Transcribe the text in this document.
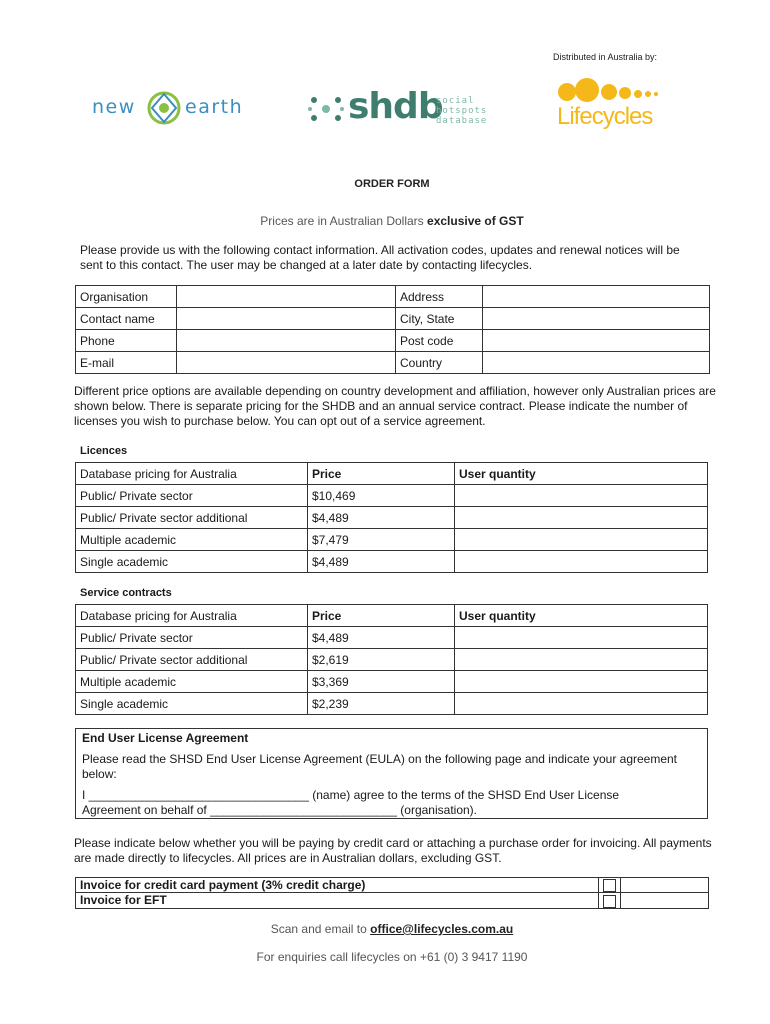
Distributed in Australia by:
new	earth	shdb
social
hotspots
database	Lifecycles
ORDER FORM
Prices are in Australian Dollars exclusive of GST
Please provide us with the following contact information. All activation codes, updates and renewal notices will be sent to this contact. The user may be changed at a later date by contacting lifecycles.
Organisation		Address	
Contact name		City, State	
Phone		Post code	
E-mail		Country	
Different price options are available depending on country development and affiliation, however only Australian prices are shown below. There is separate pricing for the SHDB and an annual service contract. Please indicate the number of licenses you wish to purchase below. You can opt out of a service agreement.
Licences
Database pricing for Australia	Price	User quantity
Public/ Private sector	$10,469	
Public/ Private sector additional	$4,489	
Multiple academic	$7,479	
Single academic	$4,489	
Service contracts
Database pricing for Australia	Price	User quantity
Public/ Private sector	$4,489	
Public/ Private sector additional	$2,619	
Multiple academic	$3,369	
Single academic	$2,239	
End User License Agreement
Please read the SHSD End User License Agreement (EULA) on the following page and indicate your agreement below:
I _________________________________ (name) agree to the terms of the SHSD End User License
Agreement on behalf of ____________________________ (organisation).
Please indicate below whether you will be paying by credit card or attaching a purchase order for invoicing. All payments are made directly to lifecycles. All prices are in Australian dollars, excluding GST.
Invoice for credit card payment (3% credit charge)		
Invoice for EFT		
Scan and email to office@lifecycles.com.au
For enquiries call lifecycles on +61 (0) 3 9417 1190
